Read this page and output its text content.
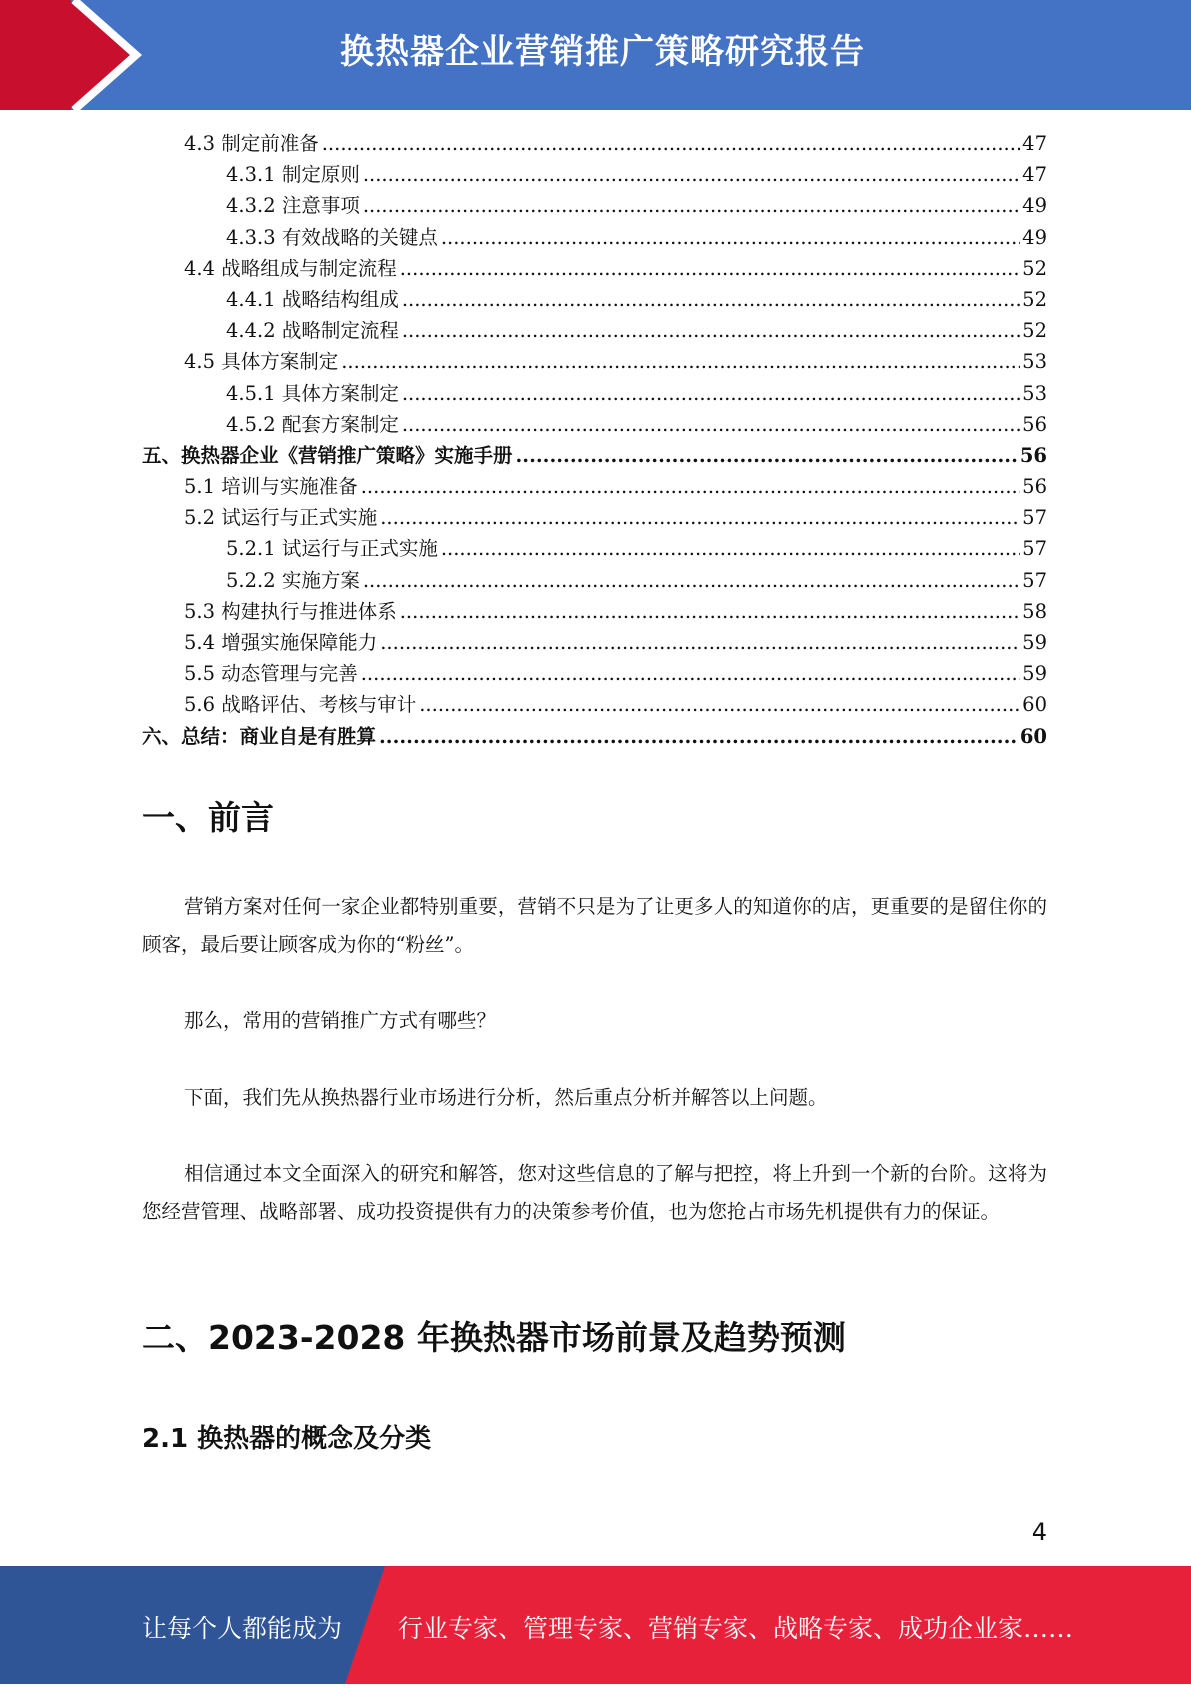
换热器企业营销推广策略研究报告
4.3 制定前准备 .....	47
4.3.1 制定原则 .....	47
4.3.2 注意事项 .....	49
4.3.3 有效战略的关键点 .....	49
4.4 战略组成与制定流程 .....	52
4.4.1 战略结构组成 .....	52
4.4.2 战略制定流程 .....	52
4.5 具体方案制定 .....	53
4.5.1 具体方案制定 .....	53
4.5.2 配套方案制定 .....	56
五、换热器企业《营销推广策略》实施手册 .....	56
5.1 培训与实施准备 .....	56
5.2 试运行与正式实施 .....	57
5.2.1 试运行与正式实施 .....	57
5.2.2 实施方案 .....	57
5.3 构建执行与推进体系 .....	58
5.4 增强实施保障能力 .....	59
5.5 动态管理与完善 .....	59
5.6 战略评估、考核与审计 .....	60
六、总结：商业自是有胜算 .....	60
一、前言

营销方案对任何一家企业都特别重要，营销不只是为了让更多人的知道你的店，更重要的是留住你的顾客，最后要让顾客成为你的“粉丝”。

那么，常用的营销推广方式有哪些？

下面，我们先从换热器行业市场进行分析，然后重点分析并解答以上问题。

相信通过本文全面深入的研究和解答，您对这些信息的了解与把控，将上升到一个新的台阶。这将为您经营管理、战略部署、成功投资提供有力的决策参考价值，也为您抢占市场先机提供有力的保证。

二、2023-2028 年换热器市场前景及趋势预测
2.1 换热器的概念及分类
4
让每个人都能成为 行业专家、管理专家、营销专家、战略专家、成功企业家……
